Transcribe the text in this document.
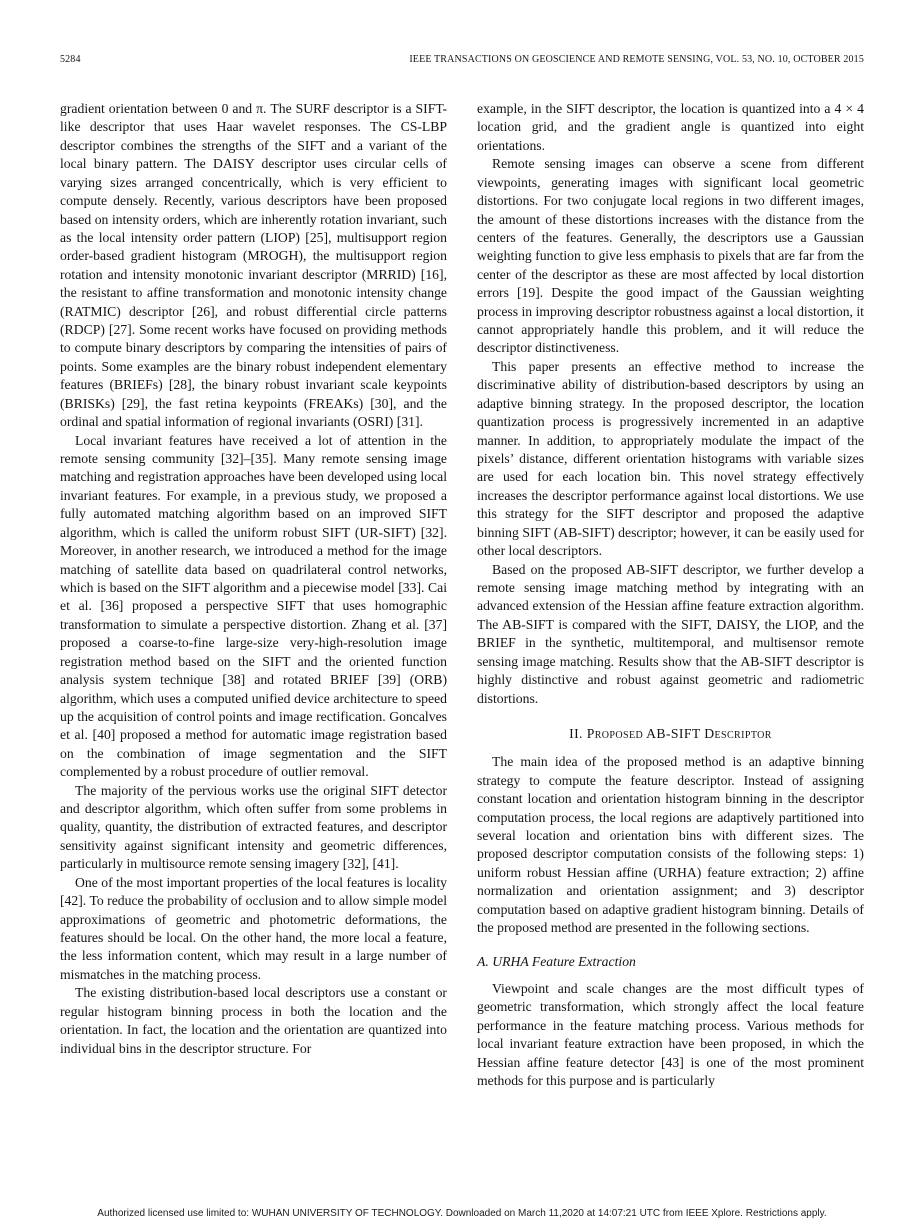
5284	IEEE TRANSACTIONS ON GEOSCIENCE AND REMOTE SENSING, VOL. 53, NO. 10, OCTOBER 2015

gradient orientation between 0 and π. The SURF descriptor is a SIFT-like descriptor that uses Haar wavelet responses. The CS-LBP descriptor combines the strengths of the SIFT and a variant of the local binary pattern. The DAISY descriptor uses circular cells of varying sizes arranged concentrically, which is very efficient to compute densely. Recently, various descriptors have been proposed based on intensity orders, which are inherently rotation invariant, such as the local intensity order pattern (LIOP) [25], multisupport region order-based gradient histogram (MROGH), the multisupport region rotation and intensity monotonic invariant descriptor (MRRID) [16], the resistant to affine transformation and monotonic intensity change (RATMIC) descriptor [26], and robust differential circle patterns (RDCP) [27]. Some recent works have focused on providing methods to compute binary descriptors by comparing the intensities of pairs of points. Some examples are the binary robust independent elementary features (BRIEFs) [28], the binary robust invariant scale keypoints (BRISKs) [29], the fast retina keypoints (FREAKs) [30], and the ordinal and spatial information of regional invariants (OSRI) [31].

Local invariant features have received a lot of attention in the remote sensing community [32]–[35]. Many remote sensing image matching and registration approaches have been developed using local invariant features. For example, in a previous study, we proposed a fully automated matching algorithm based on an improved SIFT algorithm, which is called the uniform robust SIFT (UR-SIFT) [32]. Moreover, in another research, we introduced a method for the image matching of satellite data based on quadrilateral control networks, which is based on the SIFT algorithm and a piecewise model [33]. Cai et al. [36] proposed a perspective SIFT that uses homographic transformation to simulate a perspective distortion. Zhang et al. [37] proposed a coarse-to-fine large-size very-high-resolution image registration method based on the SIFT and the oriented function analysis system technique [38] and rotated BRIEF [39] (ORB) algorithm, which uses a computed unified device architecture to speed up the acquisition of control points and image rectification. Goncalves et al. [40] proposed a method for automatic image registration based on the combination of image segmentation and the SIFT complemented by a robust procedure of outlier removal.

The majority of the pervious works use the original SIFT detector and descriptor algorithm, which often suffer from some problems in quality, quantity, the distribution of extracted features, and descriptor sensitivity against significant intensity and geometric differences, particularly in multisource remote sensing imagery [32], [41].

One of the most important properties of the local features is locality [42]. To reduce the probability of occlusion and to allow simple model approximations of geometric and photometric deformations, the features should be local. On the other hand, the more local a feature, the less information content, which may result in a large number of mismatches in the matching process.

The existing distribution-based local descriptors use a constant or regular histogram binning process in both the location and the orientation. In fact, the location and the orientation are quantized into individual bins in the descriptor structure. For

example, in the SIFT descriptor, the location is quantized into a 4 × 4 location grid, and the gradient angle is quantized into eight orientations.

Remote sensing images can observe a scene from different viewpoints, generating images with significant local geometric distortions. For two conjugate local regions in two different images, the amount of these distortions increases with the distance from the centers of the features. Generally, the descriptors use a Gaussian weighting function to give less emphasis to pixels that are far from the center of the descriptor as these are most affected by local distortion errors [19]. Despite the good impact of the Gaussian weighting process in improving descriptor robustness against a local distortion, it cannot appropriately handle this problem, and it will reduce the descriptor distinctiveness.

This paper presents an effective method to increase the discriminative ability of distribution-based descriptors by using an adaptive binning strategy. In the proposed descriptor, the location quantization process is progressively incremented in an adaptive manner. In addition, to appropriately modulate the impact of the pixels’ distance, different orientation histograms with variable sizes are used for each location bin. This novel strategy effectively increases the descriptor performance against local distortions. We use this strategy for the SIFT descriptor and proposed the adaptive binning SIFT (AB-SIFT) descriptor; however, it can be easily used for other local descriptors.

Based on the proposed AB-SIFT descriptor, we further develop a remote sensing image matching method by integrating with an advanced extension of the Hessian affine feature extraction algorithm. The AB-SIFT is compared with the SIFT, DAISY, the LIOP, and the BRIEF in the synthetic, multitemporal, and multisensor remote sensing image matching. Results show that the AB-SIFT descriptor is highly distinctive and robust against geometric and radiometric distortions.

II. Proposed AB-SIFT Descriptor

The main idea of the proposed method is an adaptive binning strategy to compute the feature descriptor. Instead of assigning constant location and orientation histogram binning in the descriptor computation process, the local regions are adaptively partitioned into several location and orientation bins with different sizes. The proposed descriptor computation consists of the following steps: 1) uniform robust Hessian affine (URHA) feature extraction; 2) affine normalization and orientation assignment; and 3) descriptor computation based on adaptive gradient histogram binning. Details of the proposed method are presented in the following sections.

A. URHA Feature Extraction

Viewpoint and scale changes are the most difficult types of geometric transformation, which strongly affect the local feature performance in the feature matching process. Various methods for local invariant feature extraction have been proposed, in which the Hessian affine feature detector [43] is one of the most prominent methods for this purpose and is particularly

Authorized licensed use limited to: WUHAN UNIVERSITY OF TECHNOLOGY. Downloaded on March 11,2020 at 14:07:21 UTC from IEEE Xplore. Restrictions apply.
